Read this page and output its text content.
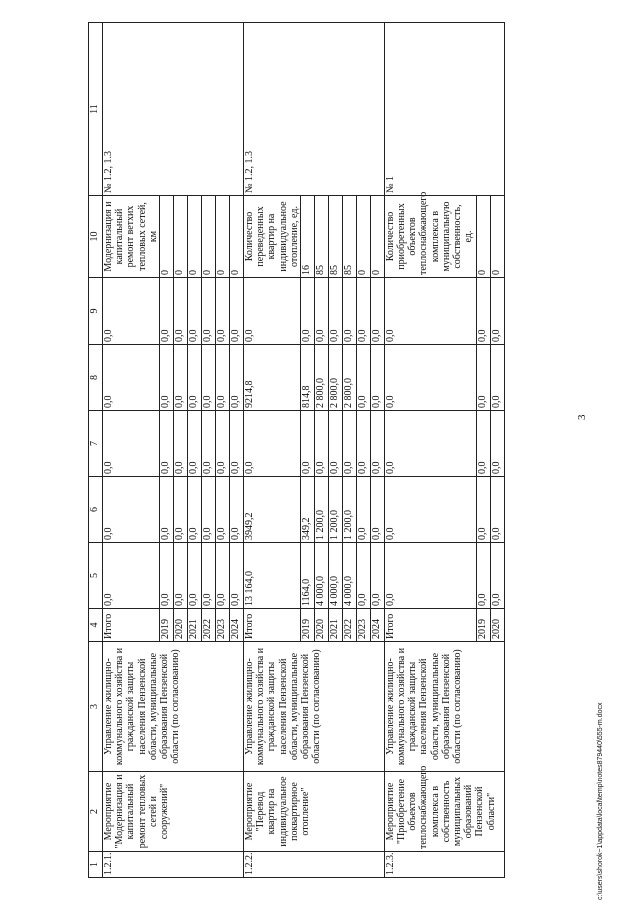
3
c:\users\shorok~1\appdata\local\temp\notes879440\555-m.docx
1	2	3	4	5	6	7	8	9	10	11
1.2.1.	Мероприятие "Модернизация и капитальный ремонт тепловых сетей и сооружений"	Управление жилищно-коммунального хозяйства и гражданской защиты населения Пензенской области, муниципальные образования Пензенской области (по согласованию)	Итого	0,0	0,0	0,0	0,0	0,0	Модернизация и капитальный ремонт ветхих тепловых сетей, км	№ 1.2, 1.3
			2019	0,0	0,0	0,0	0,0	0,0	0	
			2020	0,0	0,0	0,0	0,0	0,0	0	
			2021	0,0	0,0	0,0	0,0	0,0	0	
			2022	0,0	0,0	0,0	0,0	0,0	0	
			2023	0,0	0,0	0,0	0,0	0,0	0	
			2024	0,0	0,0	0,0	0,0	0,0	0	
1.2.2.	Мероприятие "Перевод квартир на индивидуальное поквартирное отопление"	Управление жилищно-коммунального хозяйства и гражданской защиты населения Пензенской области, муниципальные образования Пензенской области (по согласованию)	Итого	13 164,0	3949,2	0,0	9214,8	0,0	Количество переведенных квартир на индивидуальное отопление, ед.	№ 1.2, 1.3
			2019	1164,0	349,2	0,0	814,8	0,0	16	
			2020	4 000,0	1 200,0	0,0	2 800,0	0,0	85	
			2021	4 000,0	1 200,0	0,0	2 800,0	0,0	85	
			2022	4 000,0	1 200,0	0,0	2 800,0	0,0	85	
			2023	0,0	0,0	0,0	0,0	0,0	0	
			2024	0,0	0,0	0,0	0,0	0,0	0	
1.2.3.	Мероприятие "Приобретение объектов теплоснабжающего комплекса в собственность муниципальных образований Пензенской области"	Управление жилищно-коммунального хозяйства и гражданской защиты населения Пензенской области, муниципальные образования Пензенской области (по согласованию)	Итого	0,0	0,0	0,0	0,0	0,0	Количество приобретенных объектов теплоснабжающего комплекса в муниципальную собственность, ед.	№ 1
			2019	0,0	0,0	0,0	0,0	0,0	0	
			2020	0,0	0,0	0,0	0,0	0,0	0	
